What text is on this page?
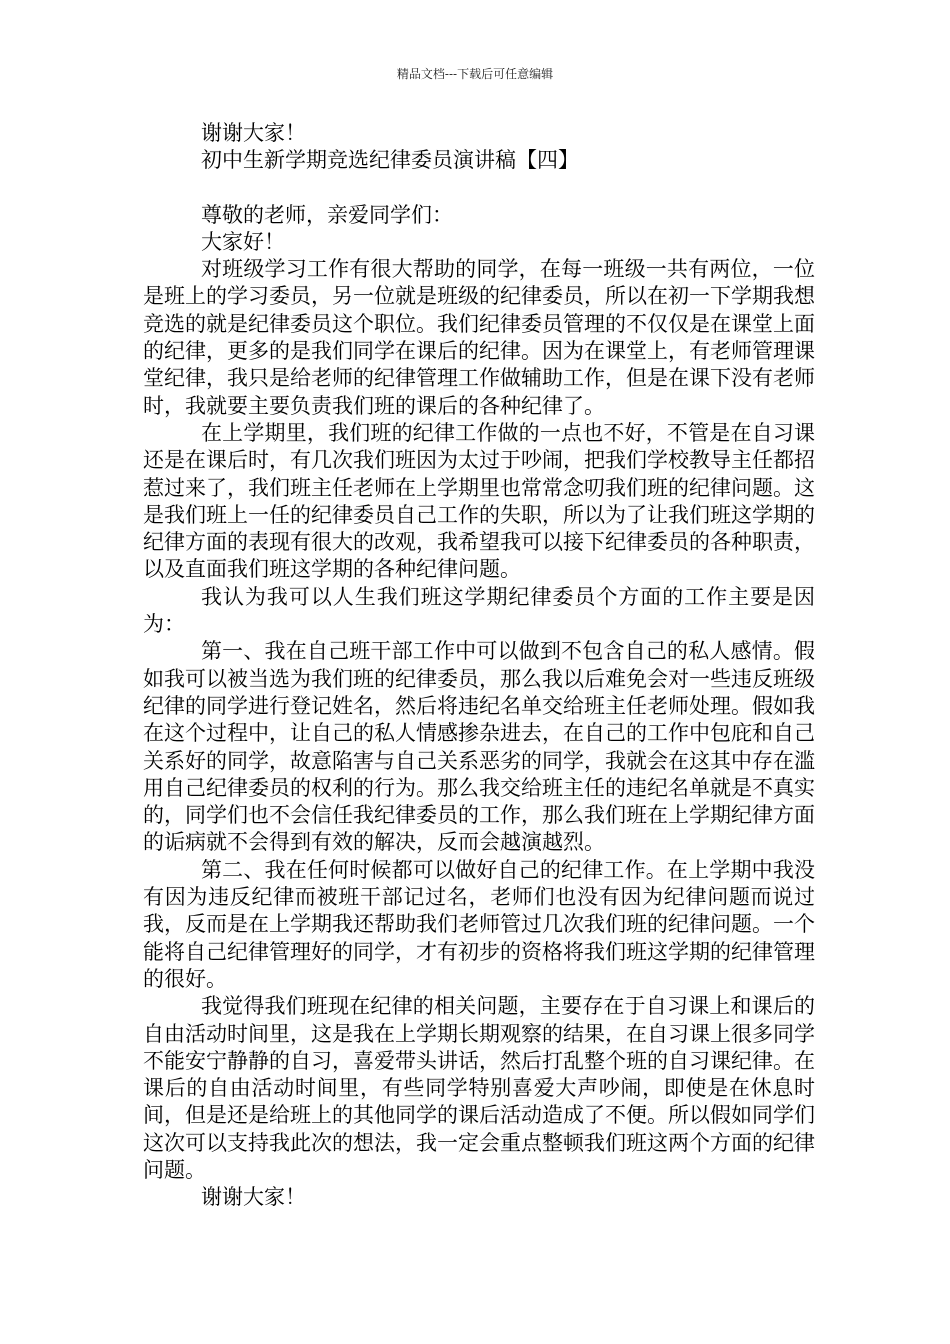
精品文档---下载后可任意编辑

谢谢大家！

初中生新学期竞选纪律委员演讲稿【四】

尊敬的老师，亲爱同学们：

大家好！

对班级学习工作有很大帮助的同学，在每一班级一共有两位，一位是班上的学习委员，另一位就是班级的纪律委员，所以在初一下学期我想竞选的就是纪律委员这个职位。我们纪律委员管理的不仅仅是在课堂上面的纪律，更多的是我们同学在课后的纪律。因为在课堂上，有老师管理课堂纪律，我只是给老师的纪律管理工作做辅助工作，但是在课下没有老师时，我就要主要负责我们班的课后的各种纪律了。

在上学期里，我们班的纪律工作做的一点也不好，不管是在自习课还是在课后时，有几次我们班因为太过于吵闹，把我们学校教导主任都招惹过来了，我们班主任老师在上学期里也常常念叨我们班的纪律问题。这是我们班上一任的纪律委员自己工作的失职，所以为了让我们班这学期的纪律方面的表现有很大的改观，我希望我可以接下纪律委员的各种职责，以及直面我们班这学期的各种纪律问题。

我认为我可以人生我们班这学期纪律委员个方面的工作主要是因为：

第一、我在自己班干部工作中可以做到不包含自己的私人感情。假如我可以被当选为我们班的纪律委员，那么我以后难免会对一些违反班级纪律的同学进行登记姓名，然后将违纪名单交给班主任老师处理。假如我在这个过程中，让自己的私人情感掺杂进去，在自己的工作中包庇和自己关系好的同学，故意陷害与自己关系恶劣的同学，我就会在这其中存在滥用自己纪律委员的权利的行为。那么我交给班主任的违纪名单就是不真实的，同学们也不会信任我纪律委员的工作，那么我们班在上学期纪律方面的诟病就不会得到有效的解决，反而会越演越烈。

第二、我在任何时候都可以做好自己的纪律工作。在上学期中我没有因为违反纪律而被班干部记过名，老师们也没有因为纪律问题而说过我，反而是在上学期我还帮助我们老师管过几次我们班的纪律问题。一个能将自己纪律管理好的同学，才有初步的资格将我们班这学期的纪律管理的很好。

我觉得我们班现在纪律的相关问题，主要存在于自习课上和课后的自由活动时间里，这是我在上学期长期观察的结果，在自习课上很多同学不能安宁静静的自习，喜爱带头讲话，然后打乱整个班的自习课纪律。在课后的自由活动时间里，有些同学特别喜爱大声吵闹，即使是在休息时间，但是还是给班上的其他同学的课后活动造成了不便。所以假如同学们这次可以支持我此次的想法，我一定会重点整顿我们班这两个方面的纪律问题。

谢谢大家！
